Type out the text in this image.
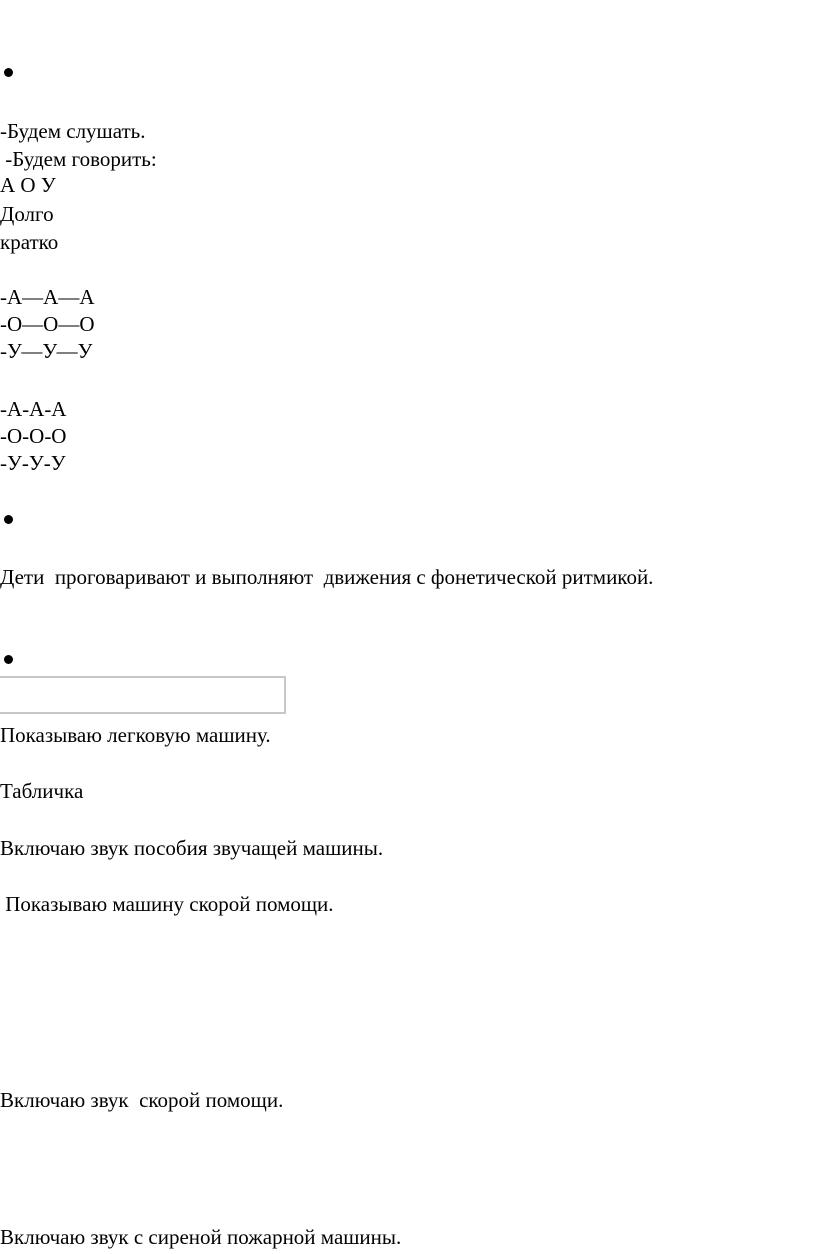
-Будем слушать.
-Будем говорить:
А О У
Долго
кратко
-А—А—А
-О—О—О
-У—У—У
-А-А-А
-О-О-О
-У-У-У
Дети  проговаривают и выполняют  движения с фонетической ритмикой.
Показываю легковую машину.
Табличка
Включаю звук пособия звучащей машины.
Показываю машину скорой помощи.
Включаю звук  скорой помощи.
Включаю звук с сиреной пожарной машины.
